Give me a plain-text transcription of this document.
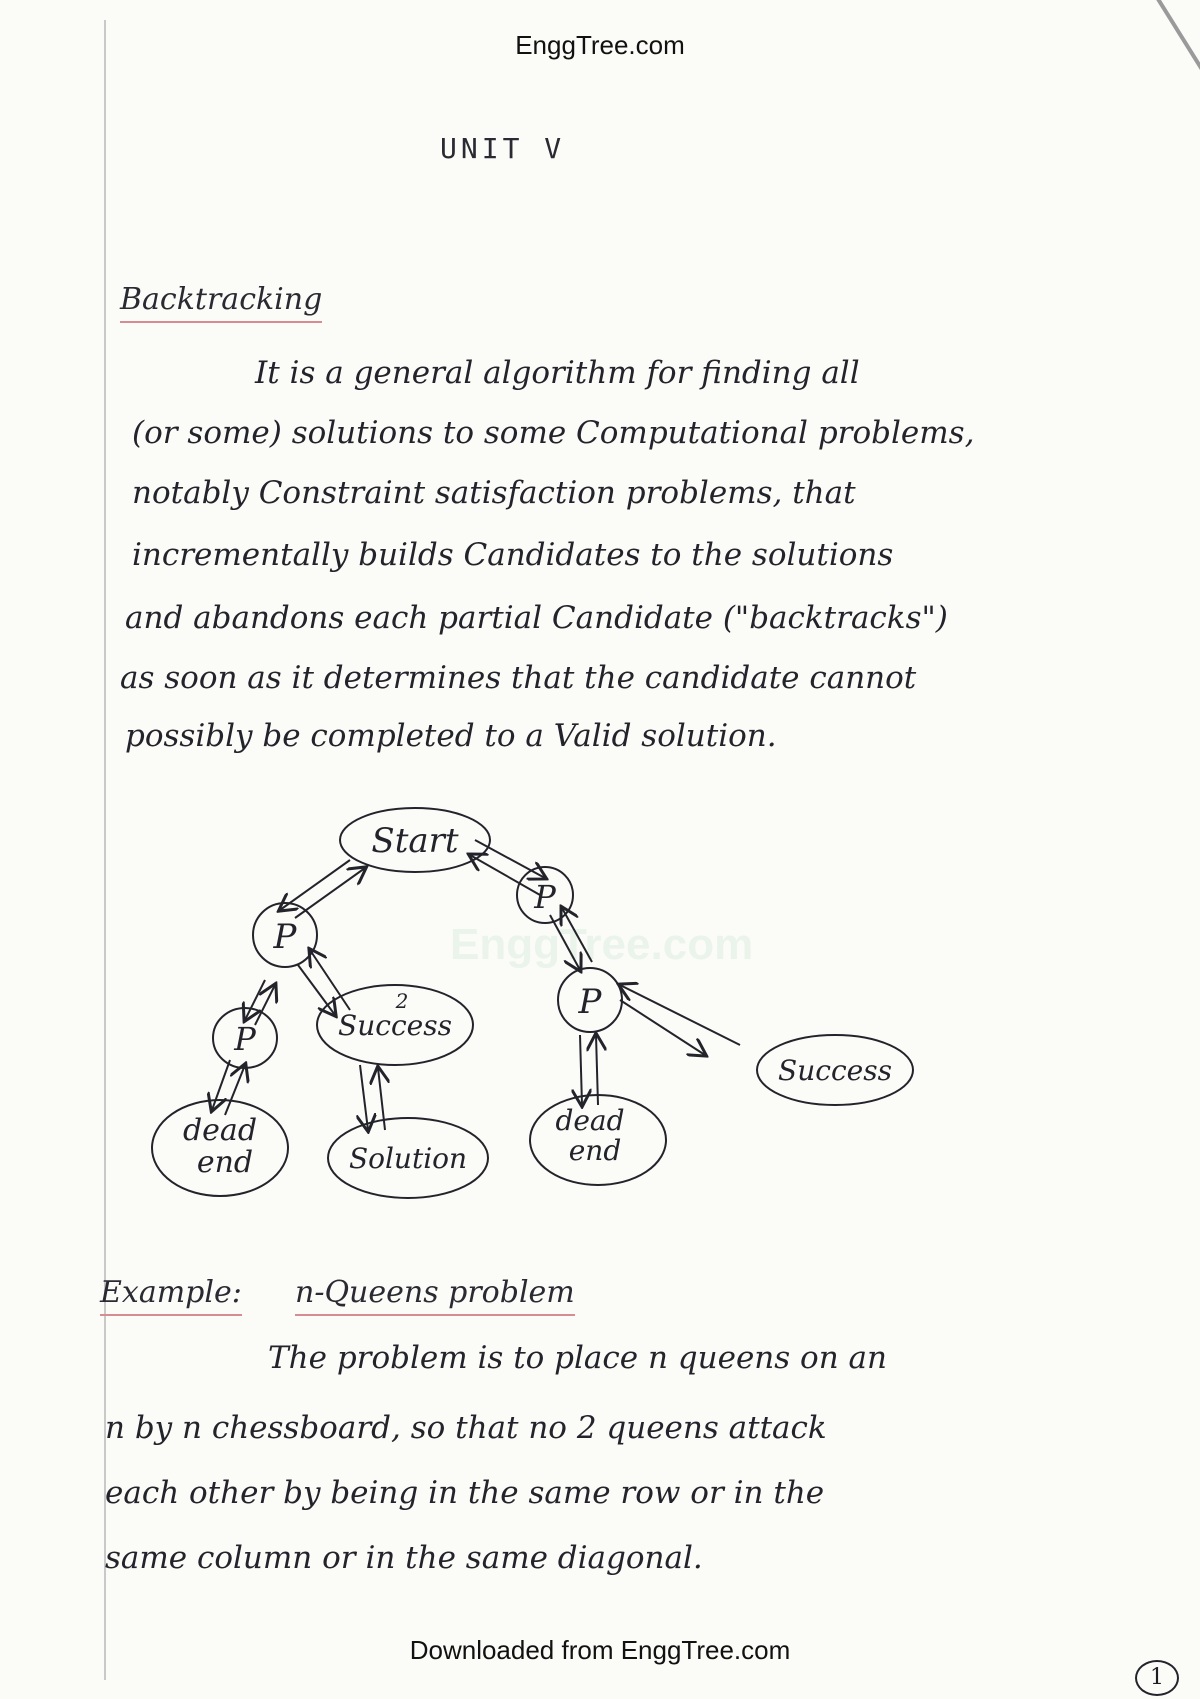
EnggTree.com
UNIT V
Backtracking
It is a general algorithm for finding all
(or some) solutions to some Computational problems,
notably Constraint satisfaction problems, that
incrementally builds Candidates to the solutions
and abandons each partial Candidate ("backtracks")
as soon as it determines that the candidate cannot
possibly be completed to a Valid solution.
EnggTree.com
Start
P
P
P
P
2
Success
Success
dead
end	Solution
dead
end
Example: n-Queens problem
The problem is to place n queens on an
n by n chessboard, so that no 2 queens attack
each other by being in the same row or in the
same column or in the same diagonal.
Downloaded from EnggTree.com
1
